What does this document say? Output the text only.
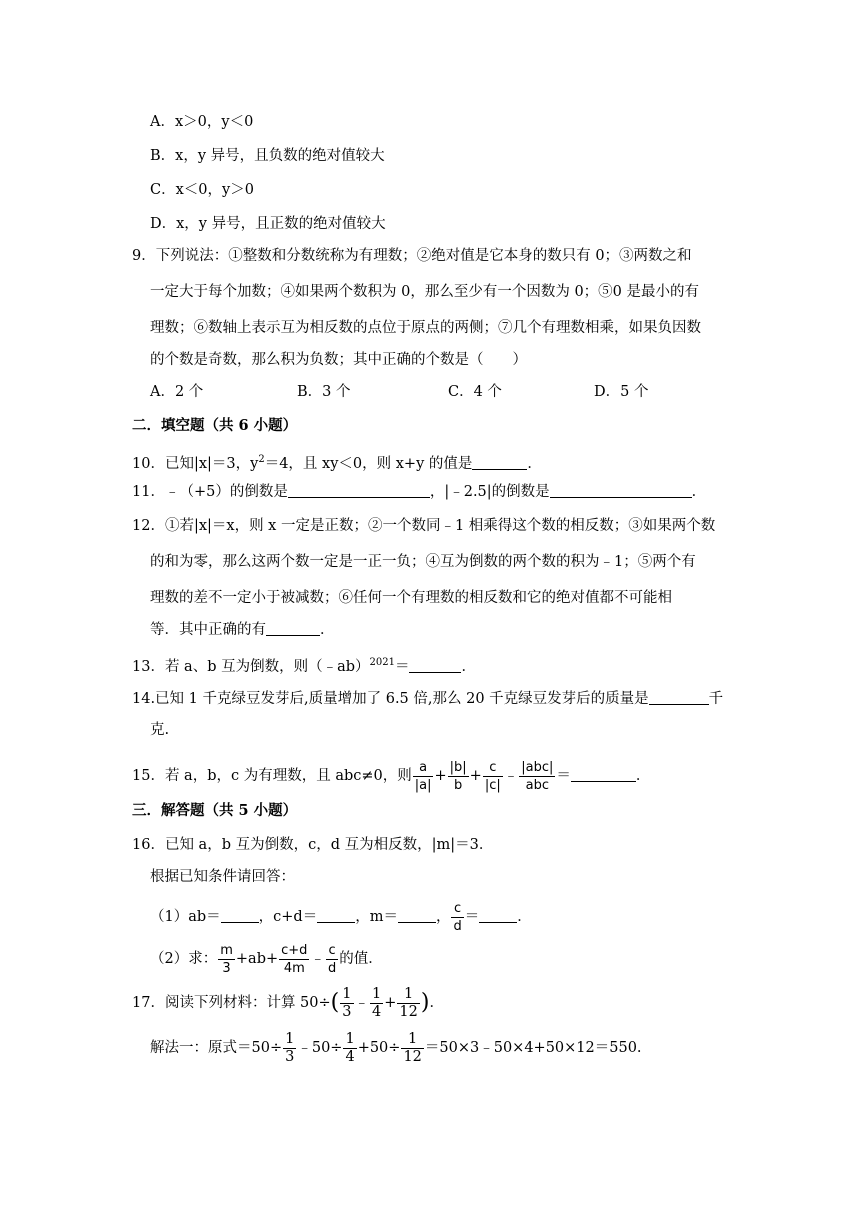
A．x＞0，y＜0
B．x，y 异号，且负数的绝对值较大
C．x＜0，y＞0
D．x，y 异号，且正数的绝对值较大
9．下列说法：①整数和分数统称为有理数；②绝对值是它本身的数只有 0；③两数之和
一定大于每个加数；④如果两个数积为 0，那么至少有一个因数为 0；⑤0 是最小的有
理数；⑥数轴上表示互为相反数的点位于原点的两侧；⑦几个有理数相乘，如果负因数
的个数是奇数，那么积为负数；其中正确的个数是（　　）
A．2 个	B．3 个	C．4 个	D．5 个
二．填空题（共 6 小题）
10．已知|x|＝3，$y^2=4$，且 xy＜0，则 x+y 的值是	．
11．﹣（+5）的倒数是	，|﹣2.5|的倒数是	．
12．①若|x|＝x，则 x 一定是正数；②一个数同﹣1 相乘得这个数的相反数；③如果两个数
的和为零，那么这两个数一定是一正一负；④互为倒数的两个数的积为﹣1；⑤两个有
理数的差不一定小于被减数；⑥任何一个有理数的相反数和它的绝对值都不可能相
等．其中正确的有	．
13．若 a、b 互为倒数，则（﹣ab）$^{2021}$＝	．
14.已知 1 千克绿豆发芽后,质量增加了 6.5 倍,那么 20 千克绿豆发芽后的质量是	千
克.
15．若 a，b，c 为有理数，且 abc≠0，则 $\frac{a}{|a|} + \frac{|b|}{b} + \frac{c}{|c|}$ ﹣ $\frac{\text{|abc|}}{\text{abc}}$ ＝	．
三．解答题（共 5 小题）
16．已知 a，b 互为倒数，c，d 互为相反数，|m|＝3．
根据已知条件请回答：
（1）ab＝	，c+d＝	，m＝	， $\frac{c}{d}$ ＝	．
（2）求： $\frac{m}{3} +ab+ \frac{c+d}{4m}$ ﹣ $\frac{c}{d}$ 的值．
17．阅读下列材料：计算 $50\div( \frac{1}{3}$ ﹣ $\frac{1}{4} + \frac{1}{12}$ )．
解法一：原式$=50\div \frac{1}{3}$ ﹣50÷ $\frac{1}{4} +50\div \frac{1}{12}$ ＝50×3﹣50×4+50×12＝550.
